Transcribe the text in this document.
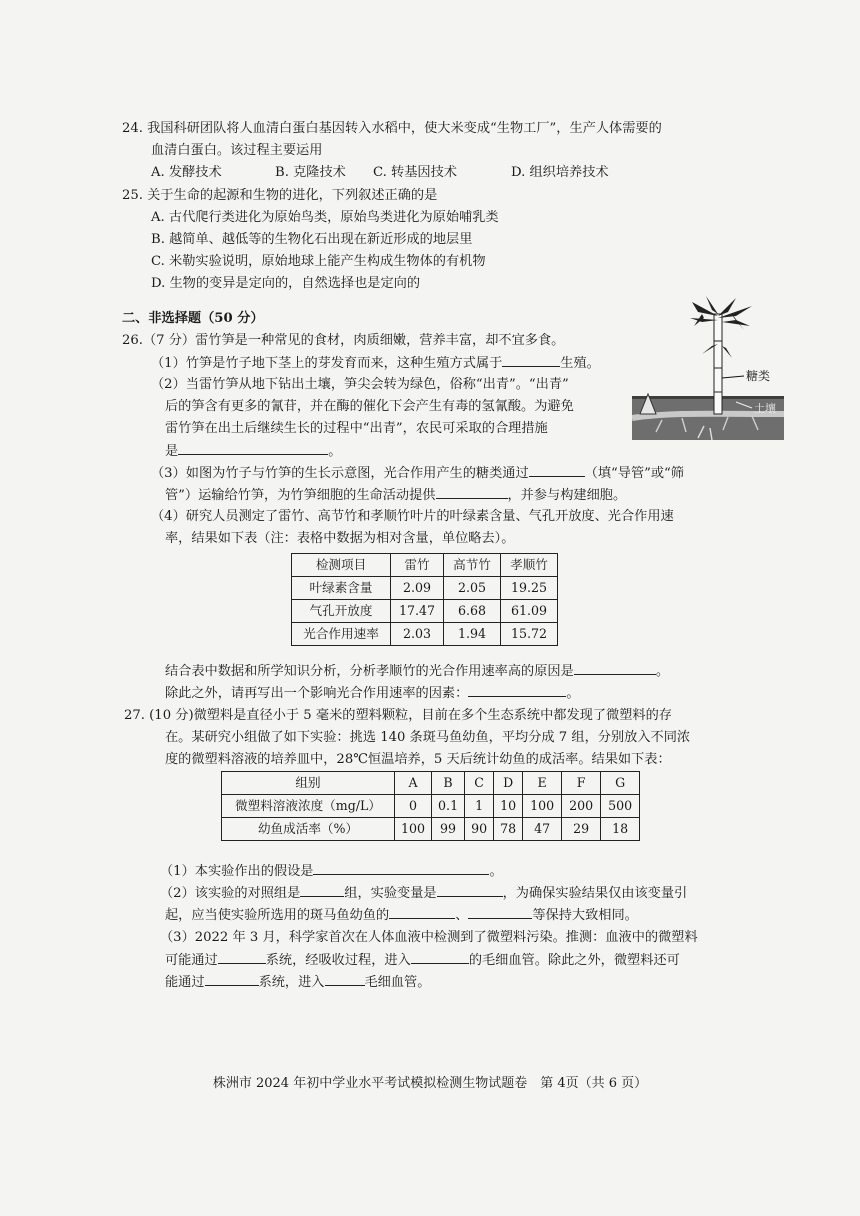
24. 我国科研团队将人血清白蛋白基因转入水稻中，使大米变成“生物工厂”，生产人体需要的
血清白蛋白。该过程主要运用
A. 发酵技术	B. 克隆技术 C. 转基因技术	D. 组织培养技术
25. 关于生命的起源和生物的进化，下列叙述正确的是
A. 古代爬行类进化为原始鸟类，原始鸟类进化为原始哺乳类
B. 越简单、越低等的生物化石出现在新近形成的地层里
C. 米勒实验说明，原始地球上能产生构成生物体的有机物
D. 生物的变异是定向的，自然选择也是定向的
二、非选择题（50 分）
26.（7 分）雷竹笋是一种常见的食材，肉质细嫩，营养丰富，却不宜多食。
（1）竹笋是竹子地下茎上的芽发育而来，这种生殖方式属于	生殖。
（2）当雷竹笋从地下钻出土壤，笋尖会转为绿色，俗称“出青”。“出青”
后的笋含有更多的氰苷，并在酶的催化下会产生有毒的氢氰酸。为避免
雷竹笋在出土后继续生长的过程中“出青”，农民可采取的合理措施
是	。
（3）如图为竹子与竹笋的生长示意图，光合作用产生的糖类通过	（填“导管”或“筛
管”）运输给竹笋，为竹笋细胞的生命活动提供	，并参与构建细胞。
（4）研究人员测定了雷竹、高节竹和孝顺竹叶片的叶绿素含量、气孔开放度、光合作用速
率，结果如下表（注：表格中数据为相对含量，单位略去）。
糖类
土壤
检测项目	雷竹	高节竹	孝顺竹
叶绿素含量	2.09	2.05	19.25
气孔开放度	17.47	6.68	61.09
光合作用速率	2.03	1.94	15.72
结合表中数据和所学知识分析，分析孝顺竹的光合作用速率高的原因是	。
除此之外，请再写出一个影响光合作用速率的因素：	。
27. (10 分)微塑料是直径小于 5 毫米的塑料颗粒，目前在多个生态系统中都发现了微塑料的存
在。某研究小组做了如下实验：挑选 140 条斑马鱼幼鱼，平均分成 7 组，分别放入不同浓
度的微塑料溶液的培养皿中，28℃恒温培养，5 天后统计幼鱼的成活率。结果如下表：
组别	A	B	C	D	E	F	G
微塑料溶液浓度（mg/L）	0	0.1	1	10	100	200	500
幼鱼成活率（%）	100	99	90	78	47	29	18
（1）本实验作出的假设是	。
（2）该实验的对照组是	组，实验变量是	，为确保实验结果仅由该变量引
起，应当使实验所选用的斑马鱼幼鱼的	、	等保持大致相同。
（3）2022 年 3 月，科学家首次在人体血液中检测到了微塑料污染。推测：血液中的微塑料
可能通过	系统，经吸收过程，进入	的毛细血管。除此之外，微塑料还可
能通过	系统，进入	毛细血管。
株洲市 2024 年初中学业水平考试模拟检测生物试题卷　第 4页（共 6 页）
